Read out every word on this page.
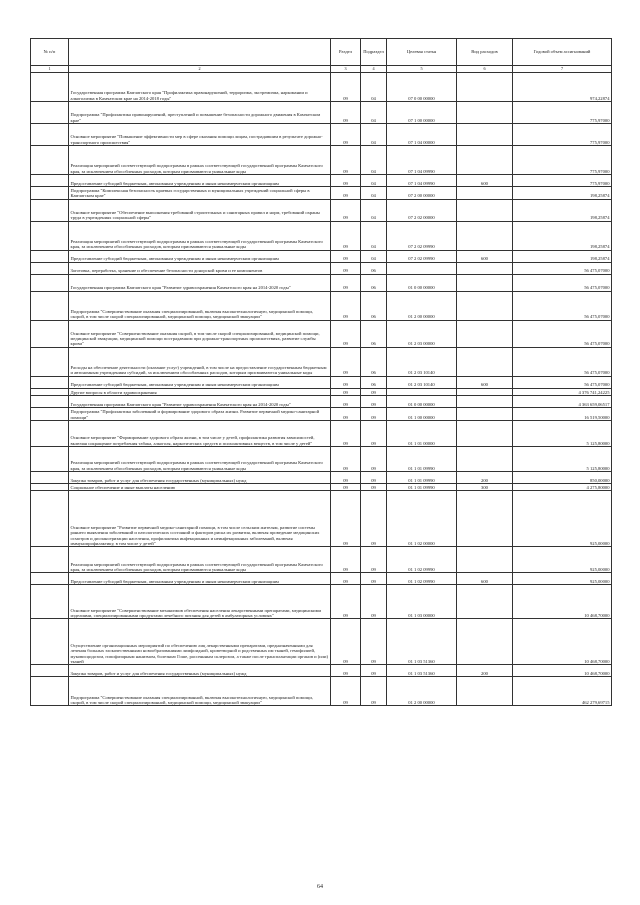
№ п/п		Раздел	Подраздел	Целевая статья	Вид расходов	Годовой объем ассигнований
1	2	3	4	5	6	7
	Государственная программа Камчатского края "Профилактика правонарушений, терроризма, экстремизма, наркомании и алкоголизма в Камчатском крае на 2014-2018 годы"	09	04	07 0 00 00000		974,22874
	Подпрограмма "Профилактика правонарушений, преступлений и повышение безопасности дорожного движения в Камчатском крае"	09	04	07 1 00 00000		775,97000
	Основное мероприятие "Повышение эффективности мер в сфере оказания помощи лицам, пострадавшим в результате дорожно-транспортного происшествия"	09	04	07 1 04 00000		775,97000
	Реализация мероприятий соответствующей подпрограммы в рамках соответствующей государственной программы Камчатского края, за исключением обособленных расходов, которым присваиваются уникальные коды	09	04	07 1 04 09990		775,97000
	Предоставление субсидий бюджетным, автономным учреждениям и иным некоммерческим организациям	09	04	07 1 04 09990	600	775,97000
	Подпрограмма "Комплексная безопасность краевых государственных и муниципальных учреждений социальной сферы в Камчатском крае"	09	04	07 2 00 00000		198,25874
	Основное мероприятие "Обеспечение выполнения требований строительных и санитарных правил и норм, требований охраны труда в учреждениях социальной сферы"	09	04	07 2 02 00000		198,25874
	Реализация мероприятий соответствующей подпрограммы в рамках соответствующей государственной программы Камчатского края, за исключением обособленных расходов, которым присваиваются уникальные коды	09	04	07 2 02 09990		198,25874
	Предоставление субсидий бюджетным, автономным учреждениям и иным некоммерческим организациям	09	04	07 2 02 09990	600	198,25874
	Заготовка, переработка, хранение и обеспечение безопасности донорской крови и ее компонентов	09	06			56 475,07000
	Государственная программа Камчатского края "Развитие здравоохранения Камчатского края на 2014-2020 годы"	09	06	01 0 00 00000		56 475,07000
	Подпрограмма "Совершенствование оказания специализированной, включая высокотехнологичную, медицинской помощи, скорой, в том числе скорой специализированной, медицинской помощи, медицинской эвакуации"	09	06	01 2 00 00000		56 475,07000
	Основное мероприятие "Совершенствование оказания скорой, в том числе скорой специализированной, медицинской помощи, медицинской эвакуации, медицинской помощи пострадавшим при дорожно-транспортных происшествиях, развитие службы крови"	09	06	01 2 03 00000		56 475,07000
	Расходы на обеспечение деятельности (оказание услуг) учреждений, в том числе на предоставление государственным бюджетным и автономным учреждениям субсидий, за исключением обособленных расходов, которым присваиваются уникальные коды	09	06	01 2 03 10140		56 475,07000
	Предоставление субсидий бюджетным, автономным учреждениям и иным некоммерческим организациям	09	06	01 2 03 10140	600	56 475,07000
	Другие вопросы в области здравоохранения	09	09			4 376 741,24225
	Государственная программа Камчатского края "Развитие здравоохранения Камчатского края на 2014-2020 годы"	09	09	01 0 00 00000		4 363 659,06517
	Подпрограмма "Профилактика заболеваний и формирование здорового образа жизни. Развитие первичной медико-санитарной помощи"	09	09	01 1 00 00000		16 519,50000
	Основное мероприятие "Формирование здорового образа жизни, в том числе у детей, профилактика развития зависимостей, включая сокращение потребления табака, алкоголя, наркотических средств и психоактивных веществ, в том числе у детей"	09	09	01 1 01 00000		5 125,80000
	Реализация мероприятий соответствующей подпрограммы в рамках соответствующей государственной программы Камчатского края, за исключением обособленных расходов, которым присваиваются уникальные коды	09	09	01 1 01 09990		5 125,80000
	Закупка товаров, работ и услуг для обеспечения государственных (муниципальных) нужд	09	09	01 1 01 09990	200	850,00000
	Социальное обеспечение и иные выплаты населению	09	09	01 1 01 09990	300	4 275,80000
	Основное мероприятие "Развитие первичной медико-санитарной помощи, в том числе сельским жителям, развитие системы раннего выявления заболеваний и патологических состояний и факторов риска их развития, включая проведение медицинских осмотров и диспансеризации населения, профилактика инфекционных и неинфекционных заболеваний, включая иммунопрофилактику, в том числе у детей"	09	09	01 1 02 00000		925,00000
	Реализация мероприятий соответствующей подпрограммы в рамках соответствующей государственной программы Камчатского края, за исключением обособленных расходов, которым присваиваются уникальные коды	09	09	01 1 02 09990		925,00000
	Предоставление субсидий бюджетным, автономным учреждениям и иным некоммерческим организациям	09	09	01 1 02 09990	600	925,00000
	Основное мероприятие "Совершенствование механизмов обеспечения населения лекарственными препаратами, медицинскими изделиями, специализированными продуктами лечебного питания для детей в амбулаторных условиях"	09	09	01 1 03 00000		10 468,70000
	Осуществление организационных мероприятий по обеспечению лиц лекарственными препаратами, предназначенными для лечения больных злокачественными новообразованиями лимфоидной, кроветворной и родственных им тканей, гемофилией, муковисцидозом, гипофизарным нанизмом, болезнью Гоше, рассеянным склерозом, а также после трансплантации органов и (или) тканей	09	09	01 1 03 51360		10 468,70000
	Закупка товаров, работ и услуг для обеспечения государственных (муниципальных) нужд	09	09	01 1 03 51360	200	10 468,70000
	Подпрограмма "Совершенствование оказания специализированной, включая высокотехнологичную, медицинской помощи, скорой, в том числе скорой специализированной, медицинской помощи, медицинской эвакуации"	09	09	01 2 00 00000		462 279,69715
64
